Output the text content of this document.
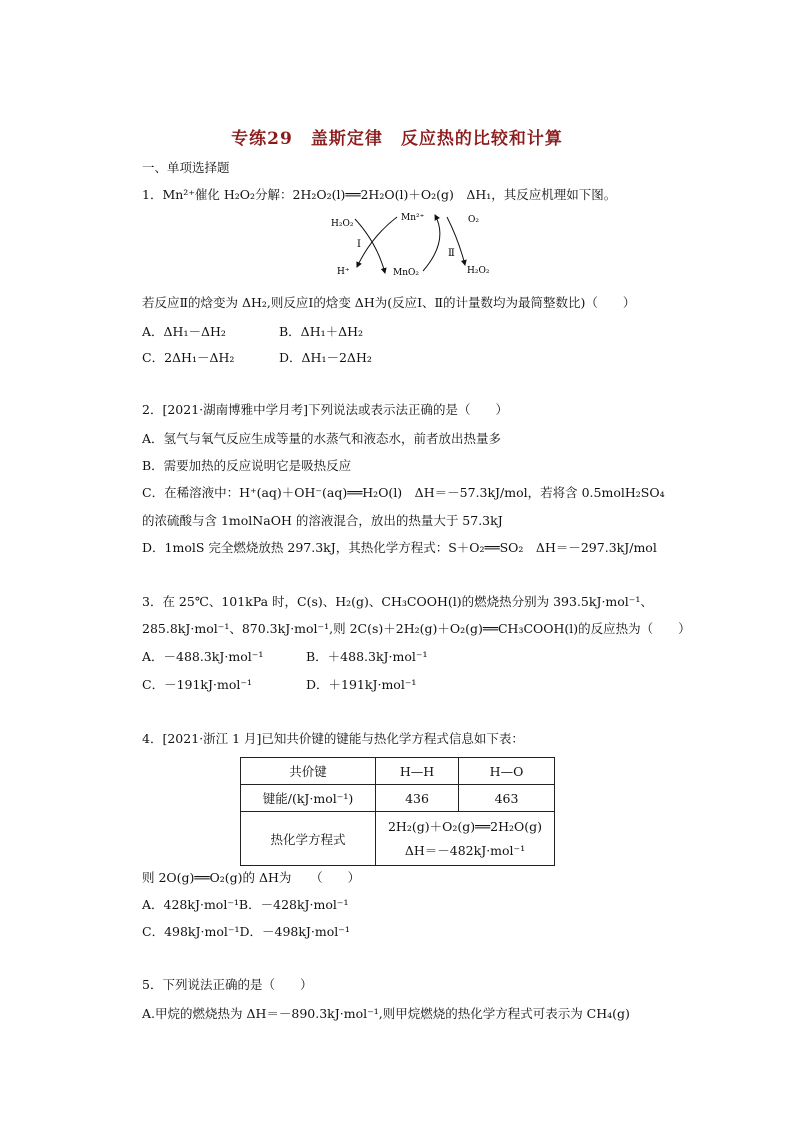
专练29　盖斯定律　反应热的比较和计算
一、单项选择题
1．Mn²⁺催化 H₂O₂分解：2H₂O₂(l)══2H₂O(l)＋O₂(g)　ΔH₁，其反应机理如下图。
H₂O₂
Mn²⁺	O₂
Ⅰ
Ⅱ
H⁺	MnO₂	H₂O₂
若反应Ⅱ的焓变为 ΔH₂,则反应Ⅰ的焓变 ΔH为(反应Ⅰ、Ⅱ的计量数均为最简整数比)（　　）
A．ΔH₁－ΔH₂	B．ΔH₁＋ΔH₂
C．2ΔH₁－ΔH₂	D．ΔH₁－2ΔH₂
2．[2021·湖南博雅中学月考]下列说法或表示法正确的是（　　）
A．氢气与氧气反应生成等量的水蒸气和液态水，前者放出热量多
B．需要加热的反应说明它是吸热反应
C．在稀溶液中：H⁺(aq)＋OH⁻(aq)══H₂O(l)　ΔH＝－57.3kJ/mol，若将含 0.5molH₂SO₄
的浓硫酸与含 1molNaOH 的溶液混合，放出的热量大于 57.3kJ
D．1molS 完全燃烧放热 297.3kJ，其热化学方程式：S＋O₂══SO₂　ΔH＝－297.3kJ/mol
3．在 25℃、101kPa 时，C(s)、H₂(g)、CH₃COOH(l)的燃烧热分别为 393.5kJ·mol⁻¹、
285.8kJ·mol⁻¹、870.3kJ·mol⁻¹,则 2C(s)＋2H₂(g)＋O₂(g)══CH₃COOH(l)的反应热为（　　）
A．－488.3kJ·mol⁻¹	B．＋488.3kJ·mol⁻¹
C．－191kJ·mol⁻¹	D．＋191kJ·mol⁻¹
4．[2021·浙江 1 月]已知共价键的键能与热化学方程式信息如下表：
共价键	H—H	H—O
键能/(kJ·mol⁻¹)	436	463
热化学方程式	2H₂(g)＋O₂(g)══2H₂O(g)
ΔH＝－482kJ·mol⁻¹	
则 2O(g)══O₂(g)的 ΔH为　　（　　）
A．428kJ·mol⁻¹B．－428kJ·mol⁻¹
C．498kJ·mol⁻¹D．－498kJ·mol⁻¹
5．下列说法正确的是（　　）
A.甲烷的燃烧热为 ΔH＝－890.3kJ·mol⁻¹,则甲烷燃烧的热化学方程式可表示为 CH₄(g)
